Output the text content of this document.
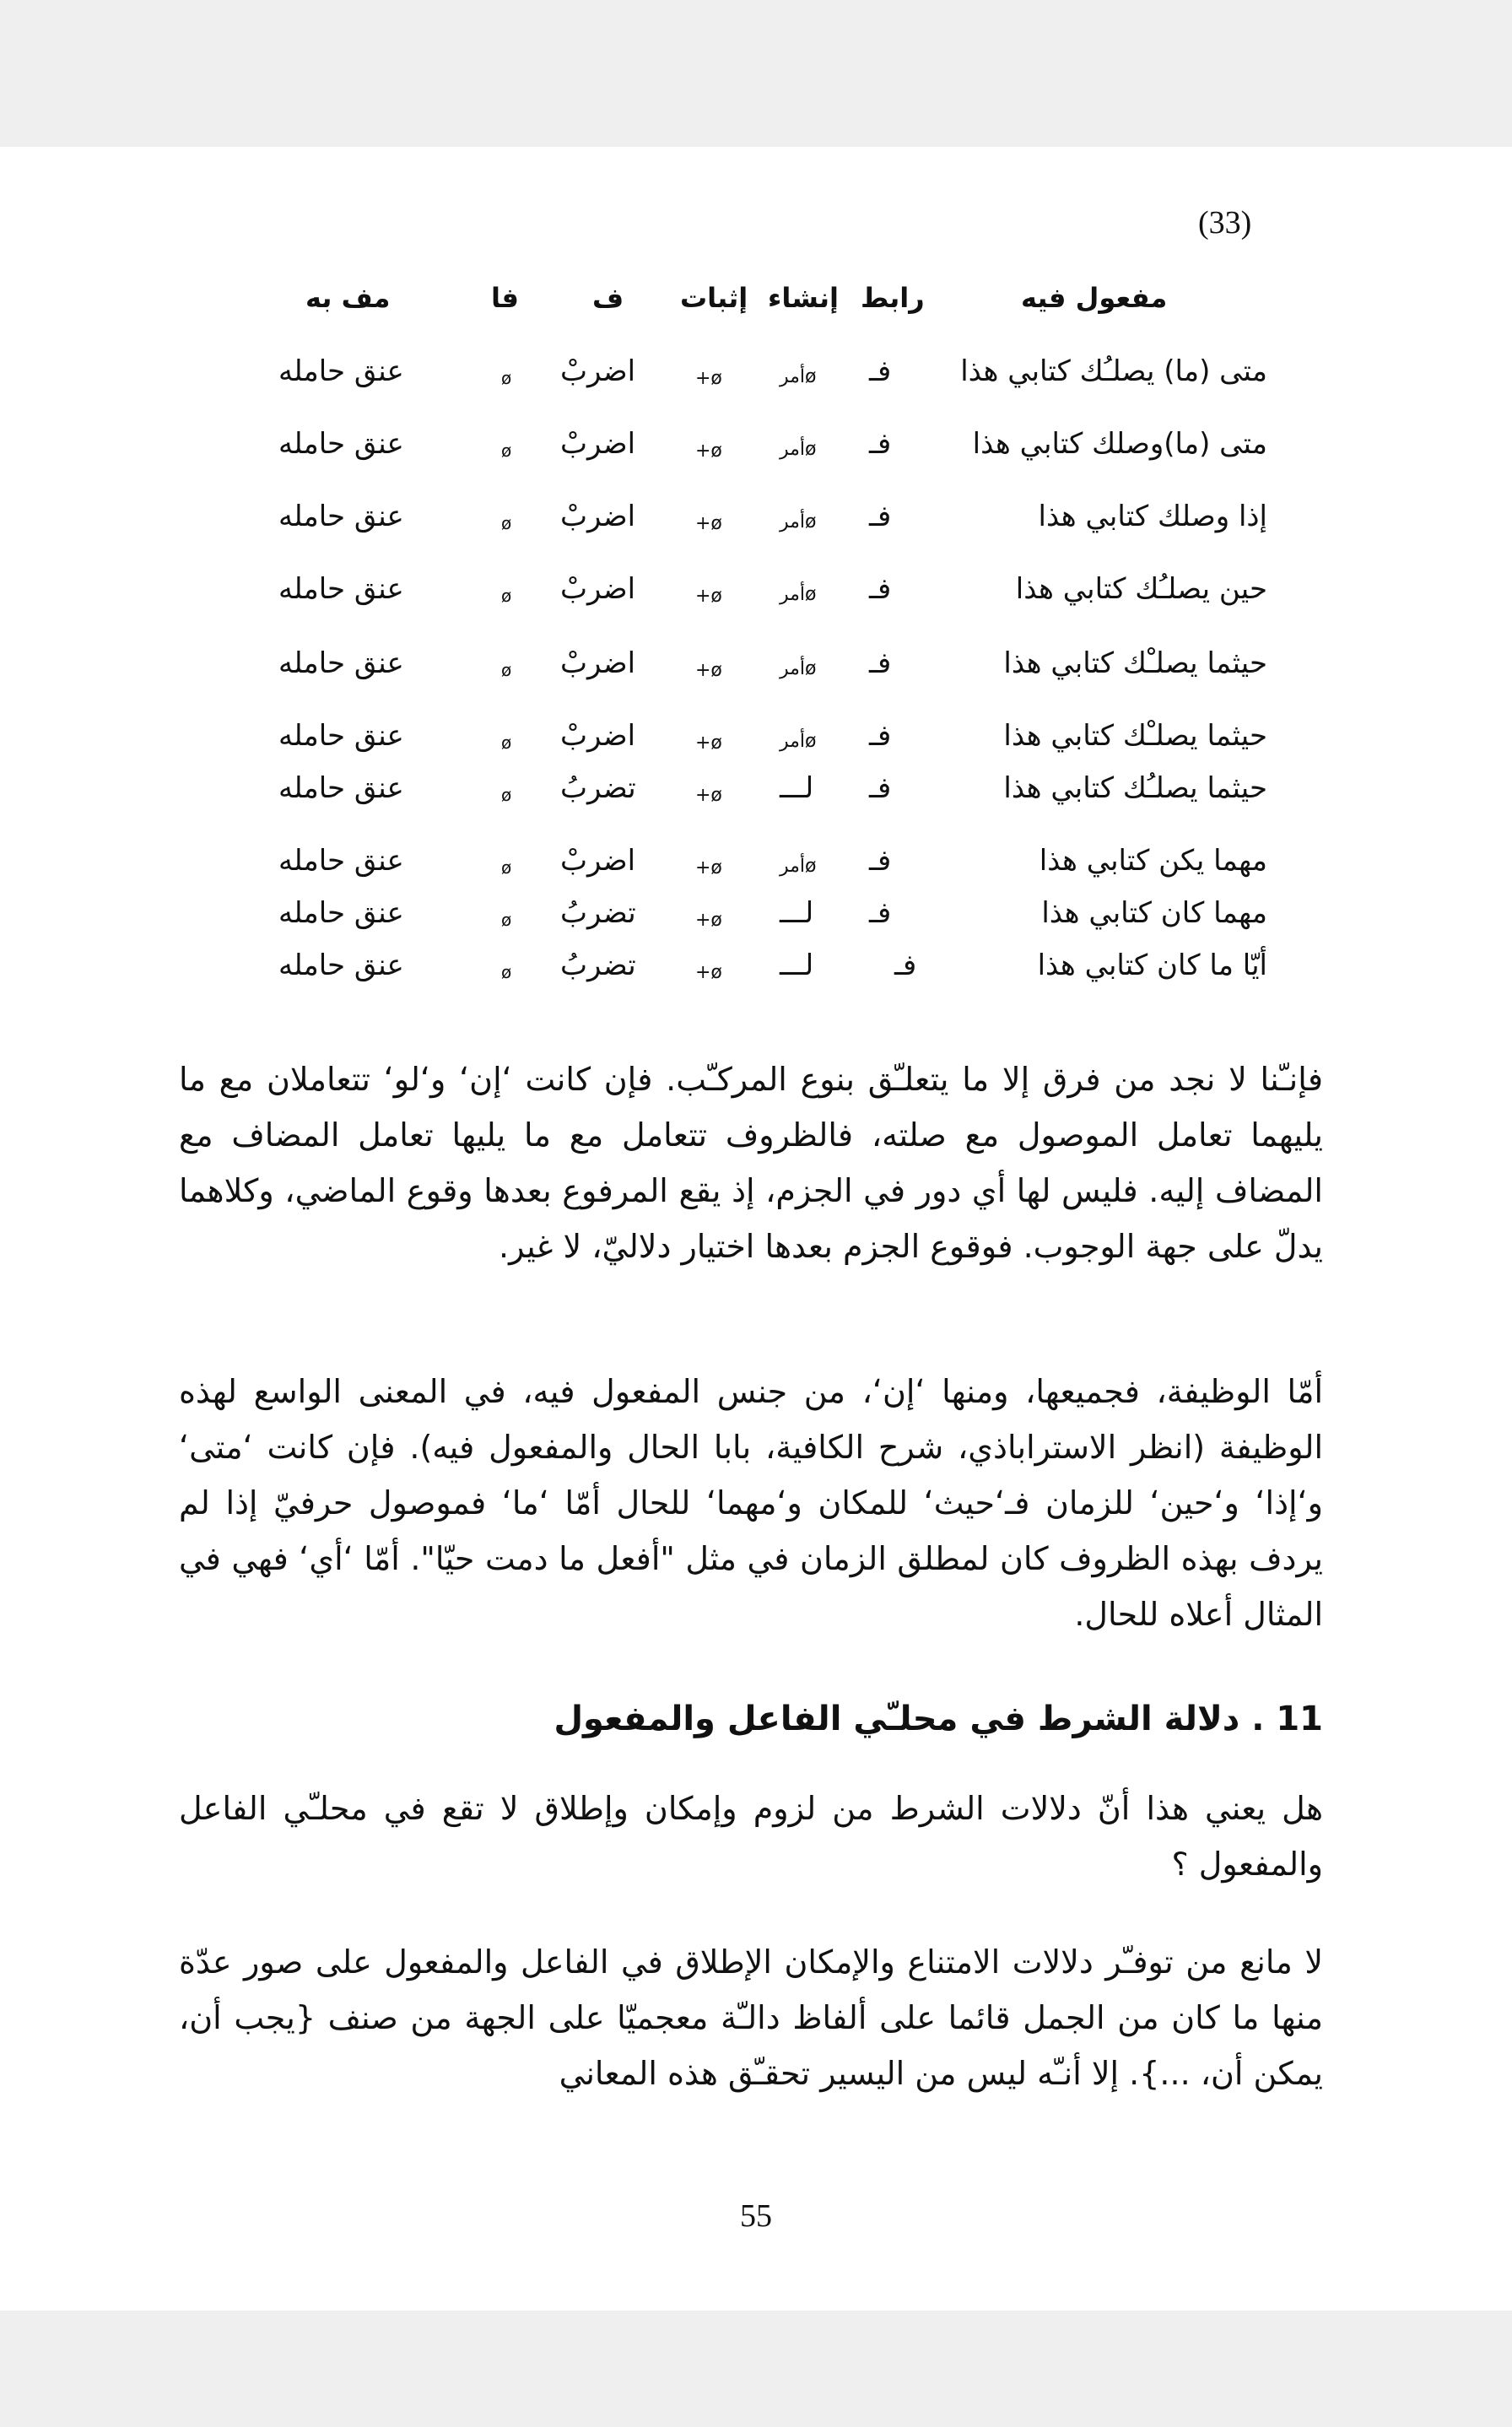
(33)
مفعول فيه
رابط
إنشاء
إثبات
ف
فا
مف به
متى (ما) يصلـُك كتابي هذا
فـ
أمرø
+ø
اضربْ
ø
عنق حامله
متى (ما)وصلك كتابي هذا
فـ
أمرø
+ø
اضربْ
ø
عنق حامله
إذا وصلك كتابي هذا
فـ
أمرø
+ø
اضربْ
ø
عنق حامله
حين يصلـُك كتابي هذا
فـ
أمرø
+ø
اضربْ
ø
عنق حامله
حيثما يصلـْك كتابي هذا
فـ
أمرø
+ø
اضربْ
ø
عنق حامله
حيثما يصلـْك كتابي هذا
فـ
أمرø
+ø
اضربْ
ø
عنق حامله
حيثما يصلـُك كتابي هذا
فـ
لـــ
+ø
تضربُ
ø
عنق حامله
مهما يكن كتابي هذا
فـ
أمرø
+ø
اضربْ
ø
عنق حامله
مهما كان كتابي هذا
فـ
لـــ
+ø
تضربُ
ø
عنق حامله
أيّا ما كان كتابي هذا
فـ
لـــ
+ø
تضربُ
ø
عنق حامله

فإنـّنا لا نجد من فرق إلا ما يتعلـّق بنوع المركـّب. فإن كانت ‘إن‘ و‘لو‘ تتعاملان مع ما يليهما تعامل الموصول مع صلته، فالظروف تتعامل مع ما يليها تعامل المضاف مع المضاف إليه. فليس لها أي دور في الجزم، إذ يقع المرفوع بعدها وقوع الماضي، وكلاهما يدلّ على جهة الوجوب. فوقوع الجزم بعدها اختيار دلاليّ، لا غير.

أمّا الوظيفة، فجميعها، ومنها ‘إن‘، من جنس المفعول فيه، في المعنى الواسع لهذه الوظيفة (انظر الاستراباذي، شرح الكافية، بابا الحال والمفعول فيه). فإن كانت ‘متى‘ و‘إذا‘ و‘حين‘ للزمان فـ‘حيث‘ للمكان و‘مهما‘ للحال أمّا ‘ما‘ فموصول حرفيّ إذا لم يردف بهذه الظروف كان لمطلق الزمان في مثل "أفعل ما دمت حيّا". أمّا ‘أي‘ فهي في المثال أعلاه للحال.

11 . دلالة الشرط في محلـّي الفاعل والمفعول

هل يعني هذا أنّ دلالات الشرط من لزوم وإمكان وإطلاق لا تقع في محلـّي الفاعل والمفعول ؟

لا مانع من توفـّر دلالات الامتناع والإمكان الإطلاق في الفاعل والمفعول على صور عدّة منها ما كان من الجمل قائما على ألفاظ دالـّة معجميّا على الجهة من صنف {يجب أن، يمكن أن، ...}. إلا أنـّه ليس من اليسير تحقـّق هذه المعاني

55
